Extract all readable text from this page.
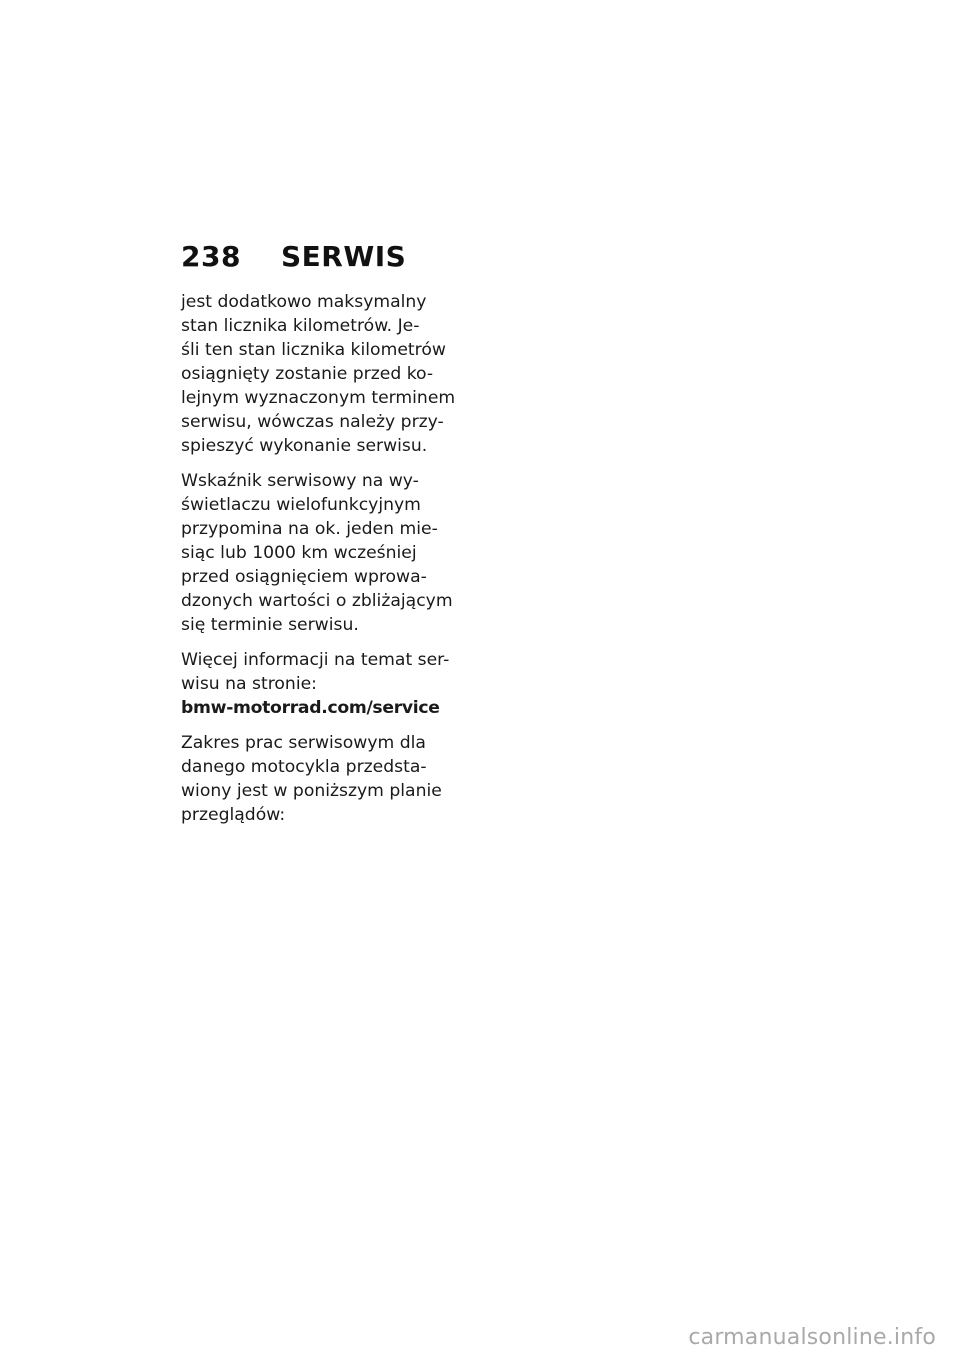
238	SERWIS

jest dodatkowo maksymalny
stan licznika kilometrów. Je-
śli ten stan licznika kilometrów
osiągnięty zostanie przed ko-
lejnym wyznaczonym terminem
serwisu, wówczas należy przy-
spieszyć wykonanie serwisu.

Wskaźnik serwisowy na wy-
świetlaczu wielofunkcyjnym
przypomina na ok. jeden mie-
siąc lub 1000 km wcześniej
przed osiągnięciem wprowa-
dzonych wartości o zbliżającym
się terminie serwisu.

Więcej informacji na temat ser-
wisu na stronie:
bmw-motorrad.com/service

Zakres prac serwisowym dla
danego motocykla przedsta-
wiony jest w poniższym planie
przeglądów:

carmanualsonline.info
